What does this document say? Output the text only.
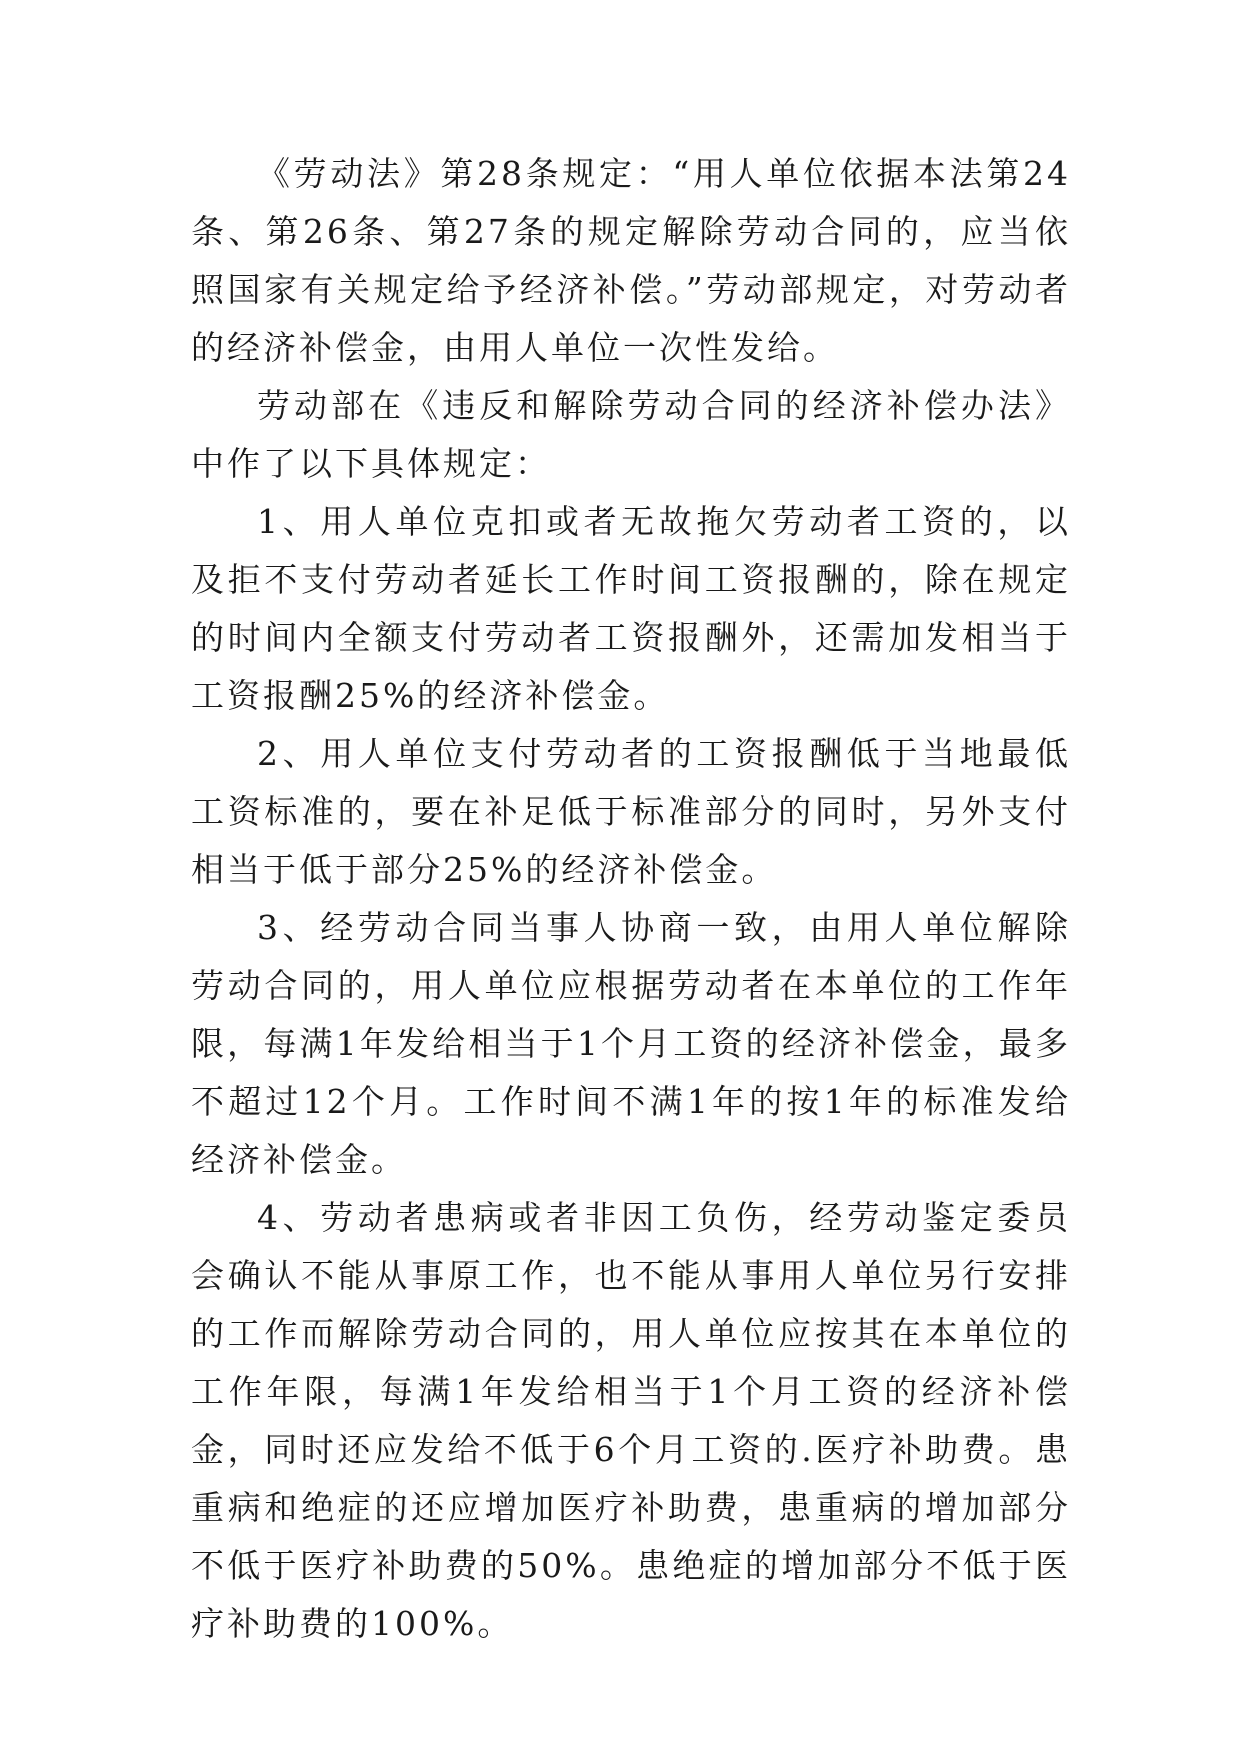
《劳动法》第28条规定：“用人单位依据本法第24条、第26条、第27条的规定解除劳动合同的，应当依照国家有关规定给予经济补偿。”劳动部规定，对劳动者的经济补偿金，由用人单位一次性发给。

劳动部在《违反和解除劳动合同的经济补偿办法》中作了以下具体规定：

1、用人单位克扣或者无故拖欠劳动者工资的，以及拒不支付劳动者延长工作时间工资报酬的，除在规定的时间内全额支付劳动者工资报酬外，还需加发相当于工资报酬25%的经济补偿金。

2、用人单位支付劳动者的工资报酬低于当地最低工资标准的，要在补足低于标准部分的同时，另外支付相当于低于部分25%的经济补偿金。

3、经劳动合同当事人协商一致，由用人单位解除劳动合同的，用人单位应根据劳动者在本单位的工作年限，每满1年发给相当于1个月工资的经济补偿金，最多不超过12个月。工作时间不满1年的按1年的标准发给经济补偿金。

4、劳动者患病或者非因工负伤，经劳动鉴定委员会确认不能从事原工作，也不能从事用人单位另行安排的工作而解除劳动合同的，用人单位应按其在本单位的工作年限，每满1年发给相当于1个月工资的经济补偿金，同时还应发给不低于6个月工资的.医疗补助费。患重病和绝症的还应增加医疗补助费，患重病的增加部分不低于医疗补助费的50%。患绝症的增加部分不低于医疗补助费的100%。
